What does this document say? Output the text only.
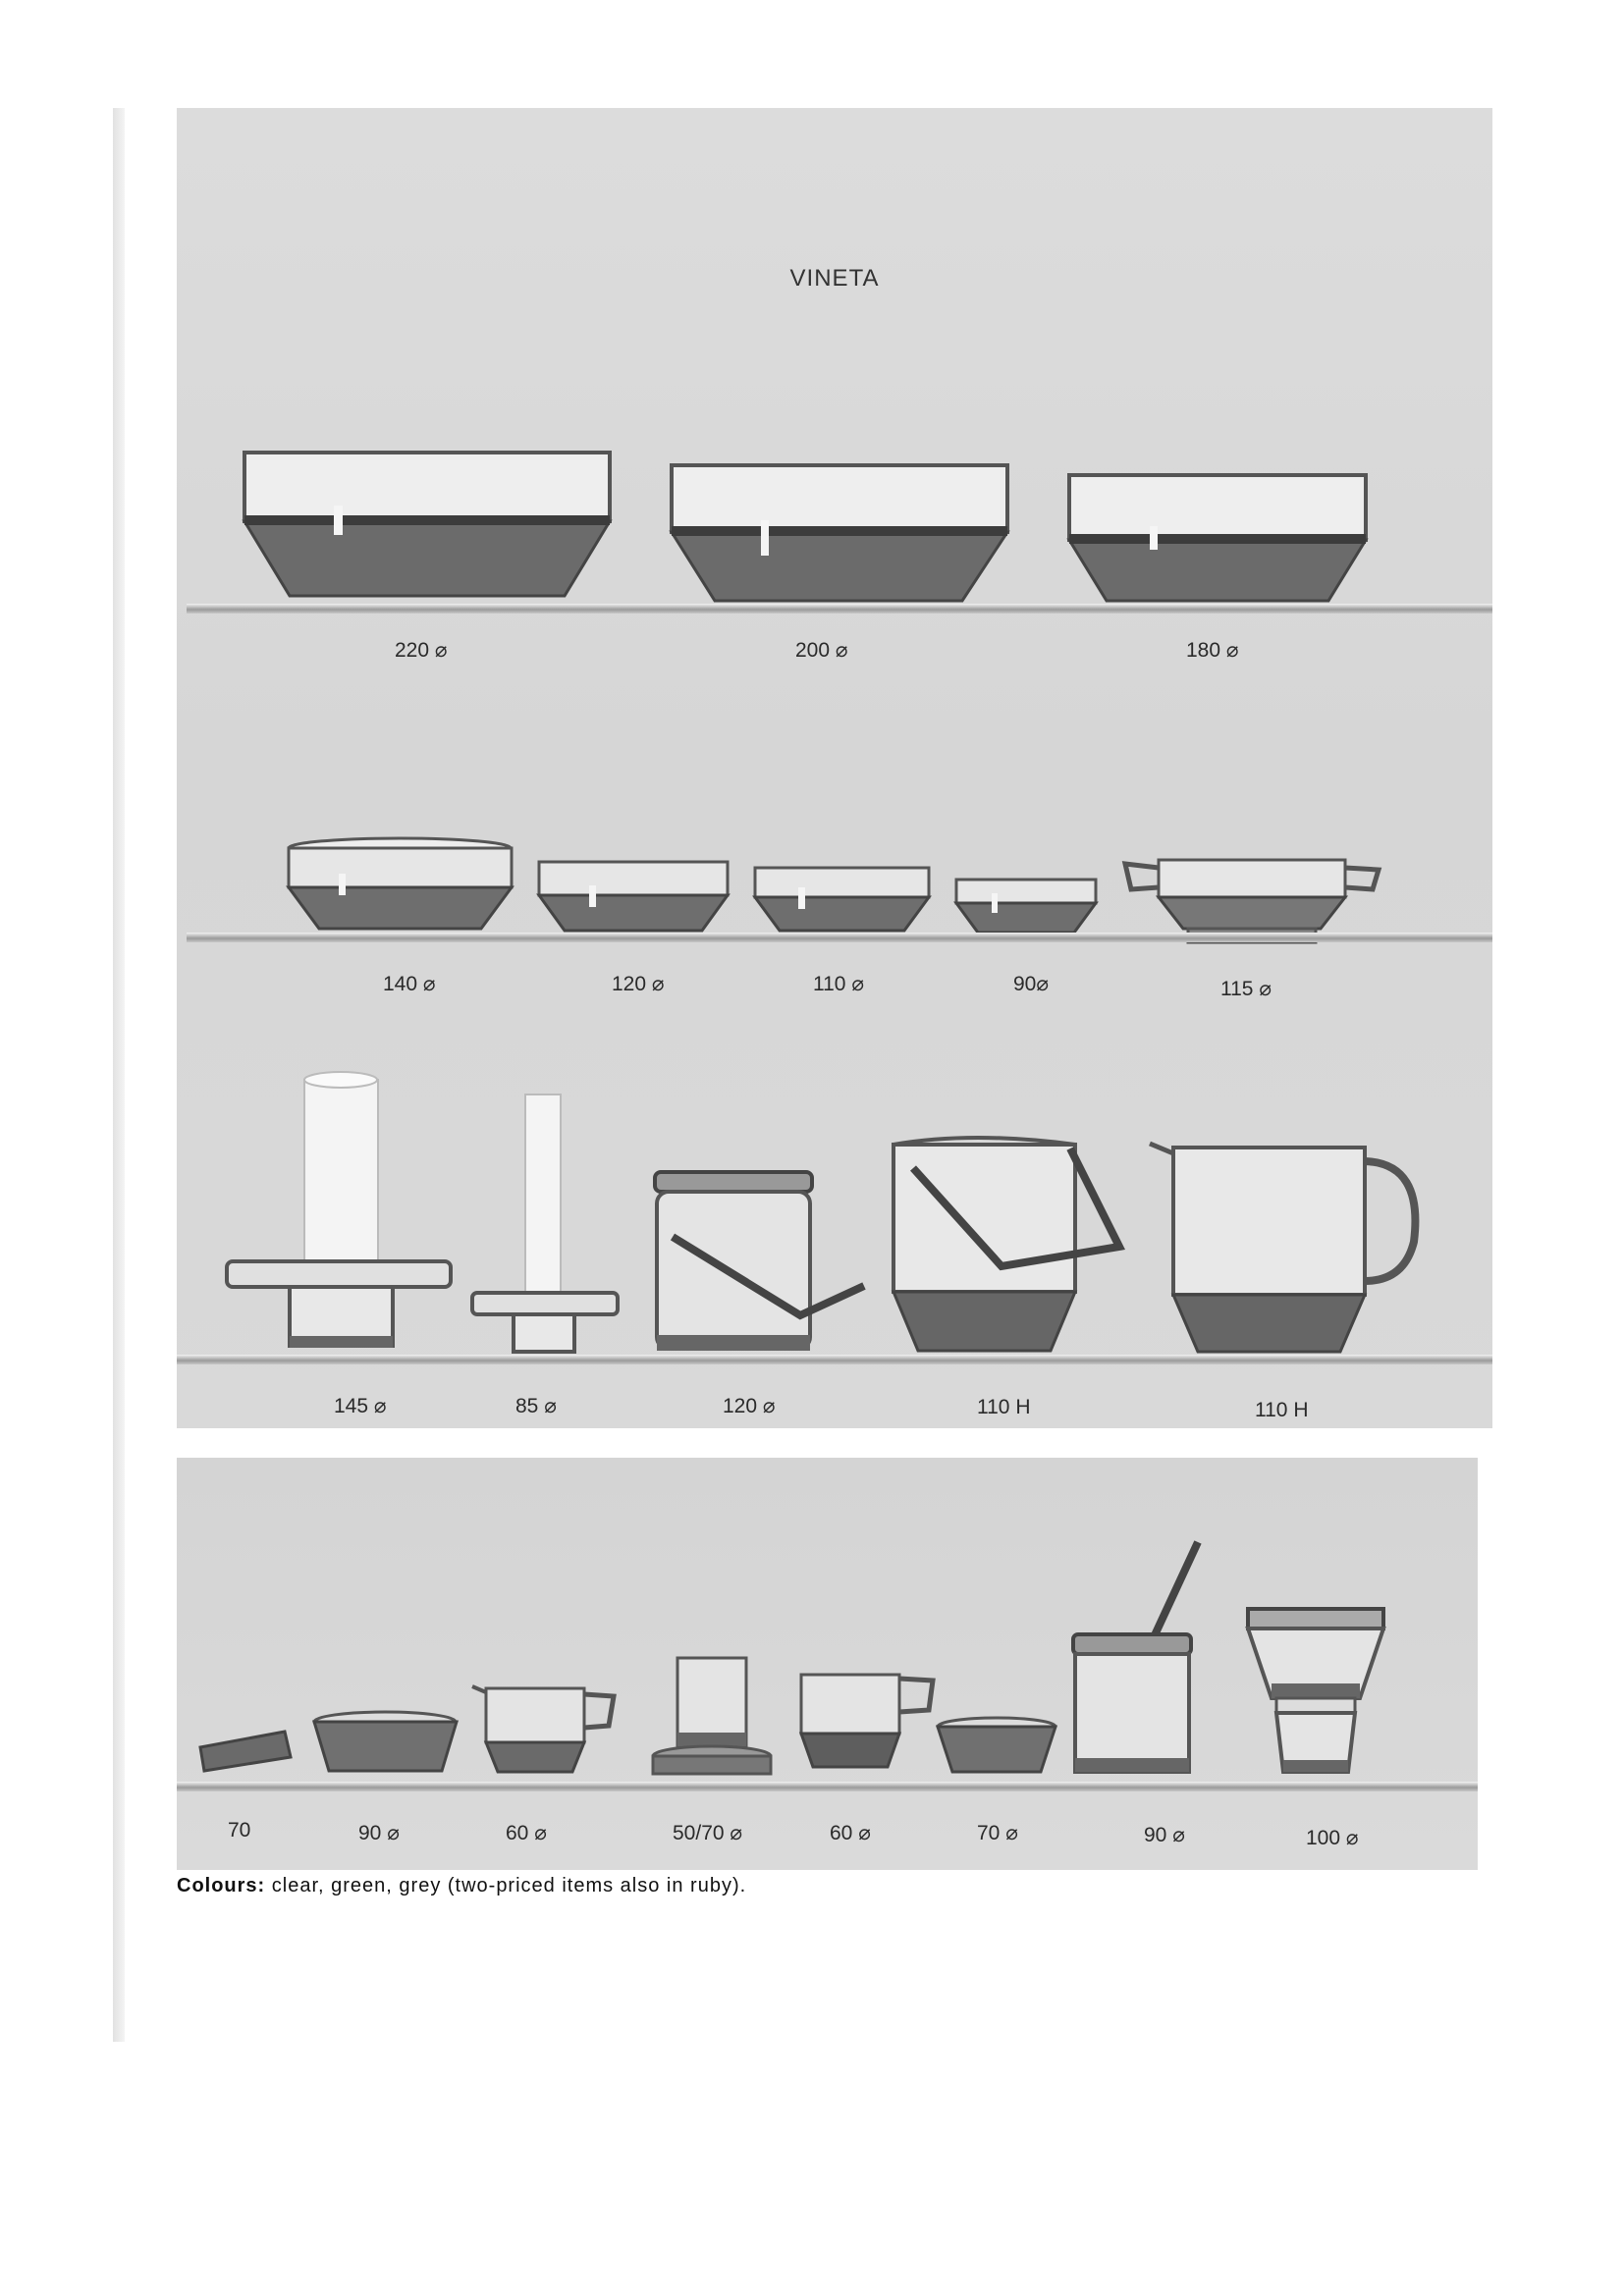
VINETA
220 ⌀	200 ⌀	180 ⌀
140 ⌀	120 ⌀	110 ⌀	90⌀	115 ⌀
145 ⌀	85 ⌀	120 ⌀	110 H	110 H
70	90 ⌀	60 ⌀	50/70 ⌀	60 ⌀	70 ⌀	90 ⌀	100 ⌀
Colours: clear, green, grey (two-priced items also in ruby).
